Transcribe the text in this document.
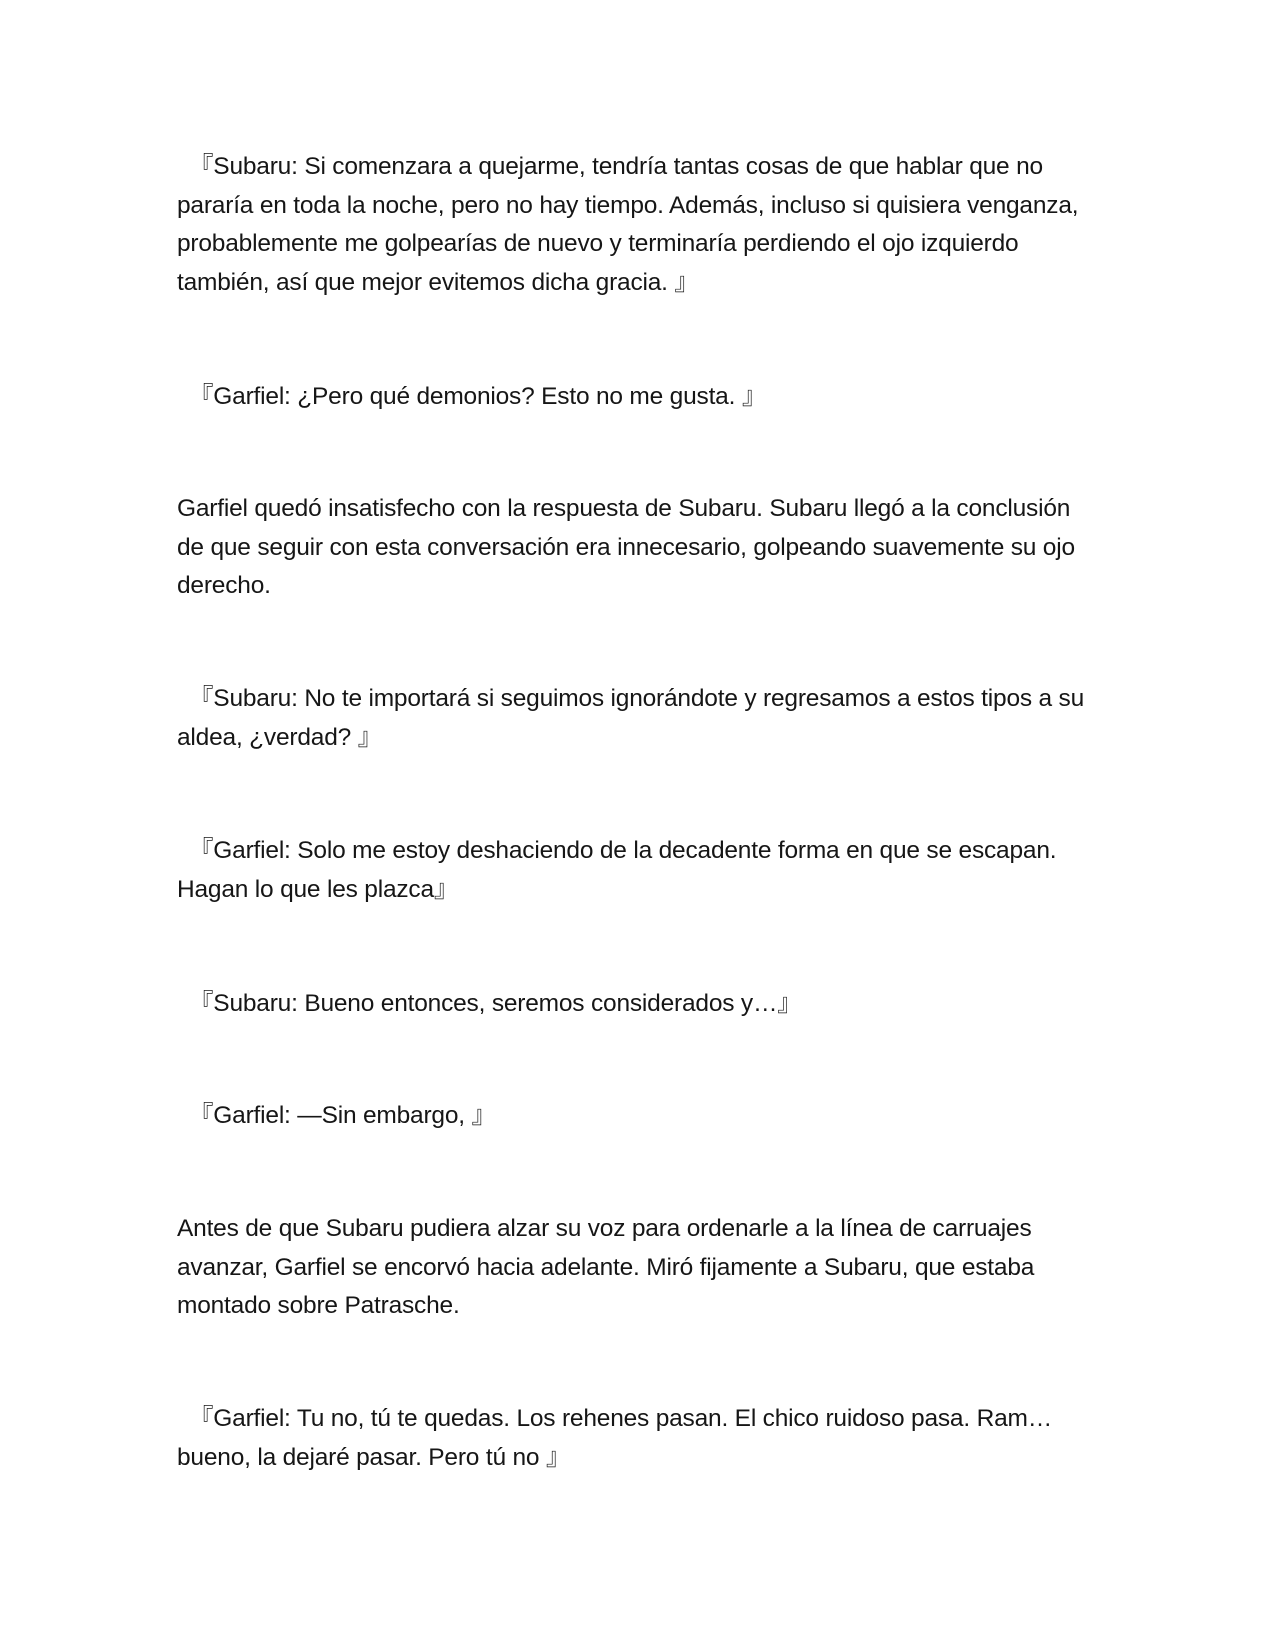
『Subaru: Si comenzara a quejarme, tendría tantas cosas de que hablar que no pararía en toda la noche, pero no hay tiempo. Además, incluso si quisiera venganza, probablemente me golpearías de nuevo y terminaría perdiendo el ojo izquierdo también, así que mejor evitemos dicha gracia. 』

『Garfiel: ¿Pero qué demonios? Esto no me gusta. 』

Garfiel quedó insatisfecho con la respuesta de Subaru. Subaru llegó a la conclusión de que seguir con esta conversación era innecesario, golpeando suavemente su ojo derecho.

『Subaru: No te importará si seguimos ignorándote y regresamos a estos tipos a su aldea, ¿verdad? 』

『Garfiel: Solo me estoy deshaciendo de la decadente forma en que se escapan. Hagan lo que les plazca』

『Subaru: Bueno entonces, seremos considerados y…』

『Garfiel: —Sin embargo, 』

Antes de que Subaru pudiera alzar su voz para ordenarle a la línea de carruajes avanzar, Garfiel se encorvó hacia adelante. Miró fijamente a Subaru, que estaba montado sobre Patrasche.

『Garfiel: Tu no, tú te quedas. Los rehenes pasan. El chico ruidoso pasa. Ram… bueno, la dejaré pasar. Pero tú no 』
